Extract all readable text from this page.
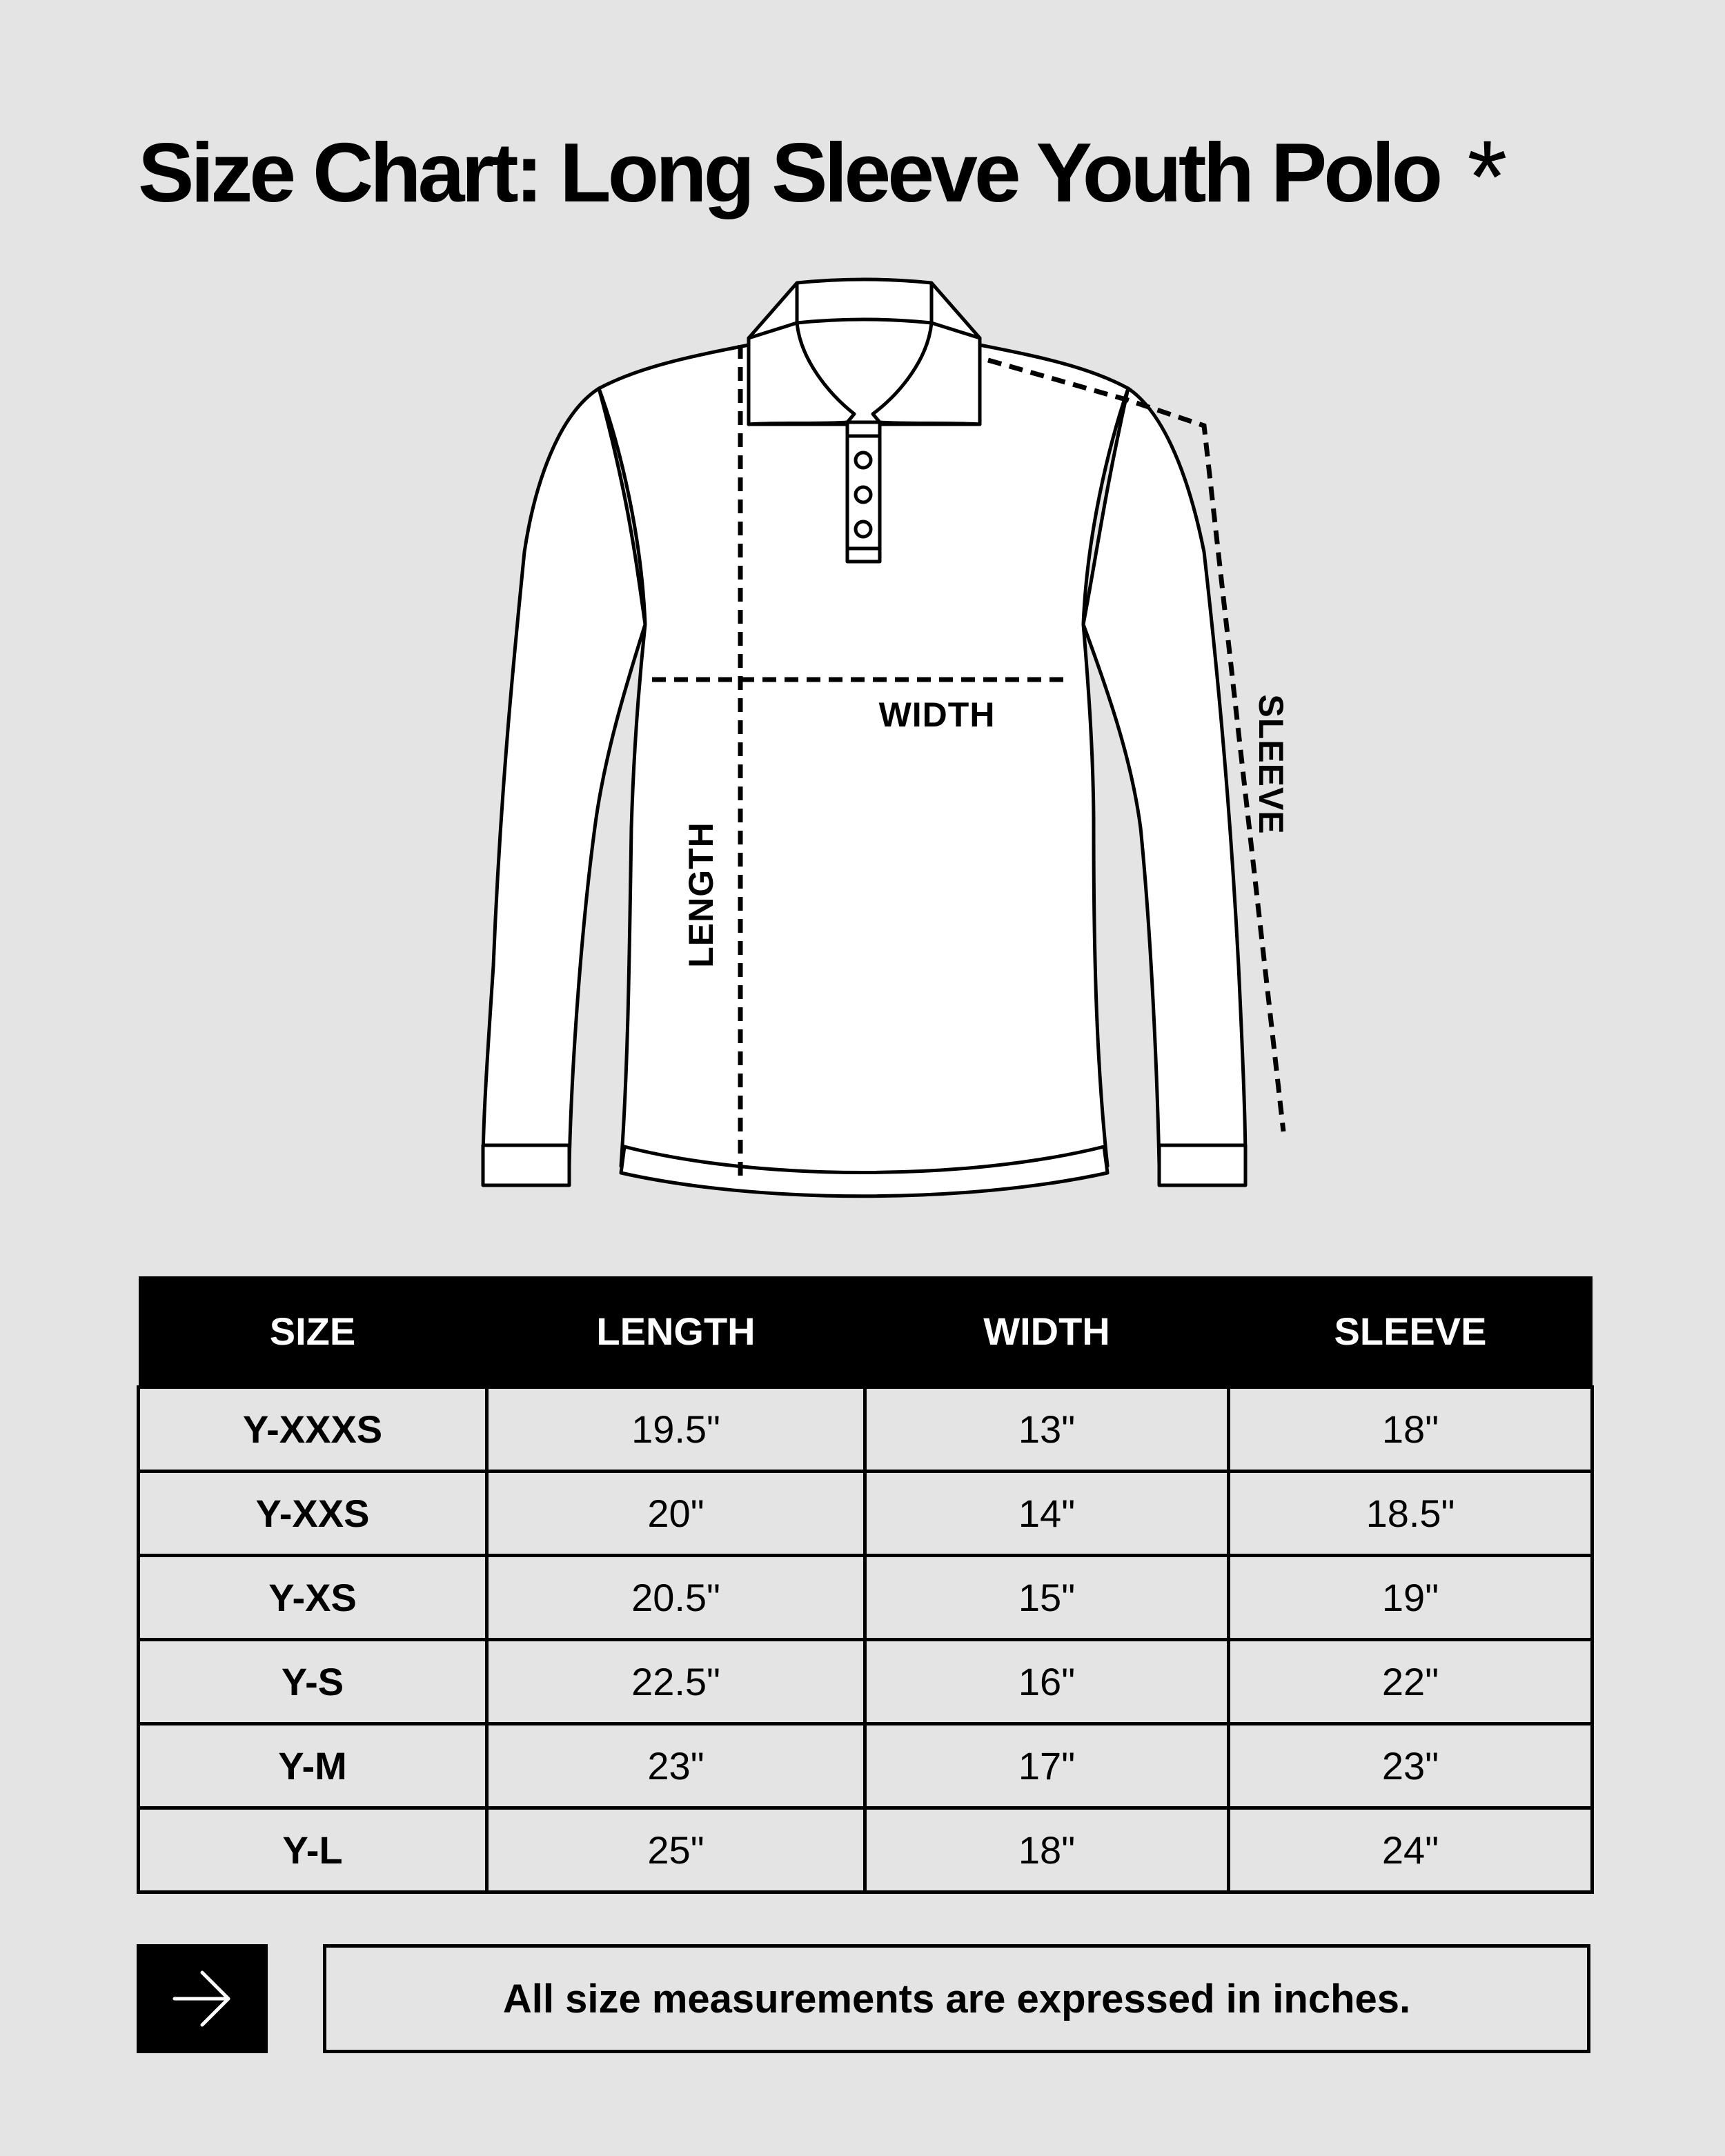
Size Chart: Long Sleeve Youth Polo *
WIDTH
LENGTH
SLEEVE
SIZE	LENGTH	WIDTH	SLEEVE
Y-XXXS	19.5"	13"	18"
Y-XXS	20"	14"	18.5"
Y-XS	20.5"	15"	19"
Y-S	22.5"	16"	22"
Y-M	23"	17"	23"
Y-L	25"	18"	24"
All size measurements are expressed in inches.
